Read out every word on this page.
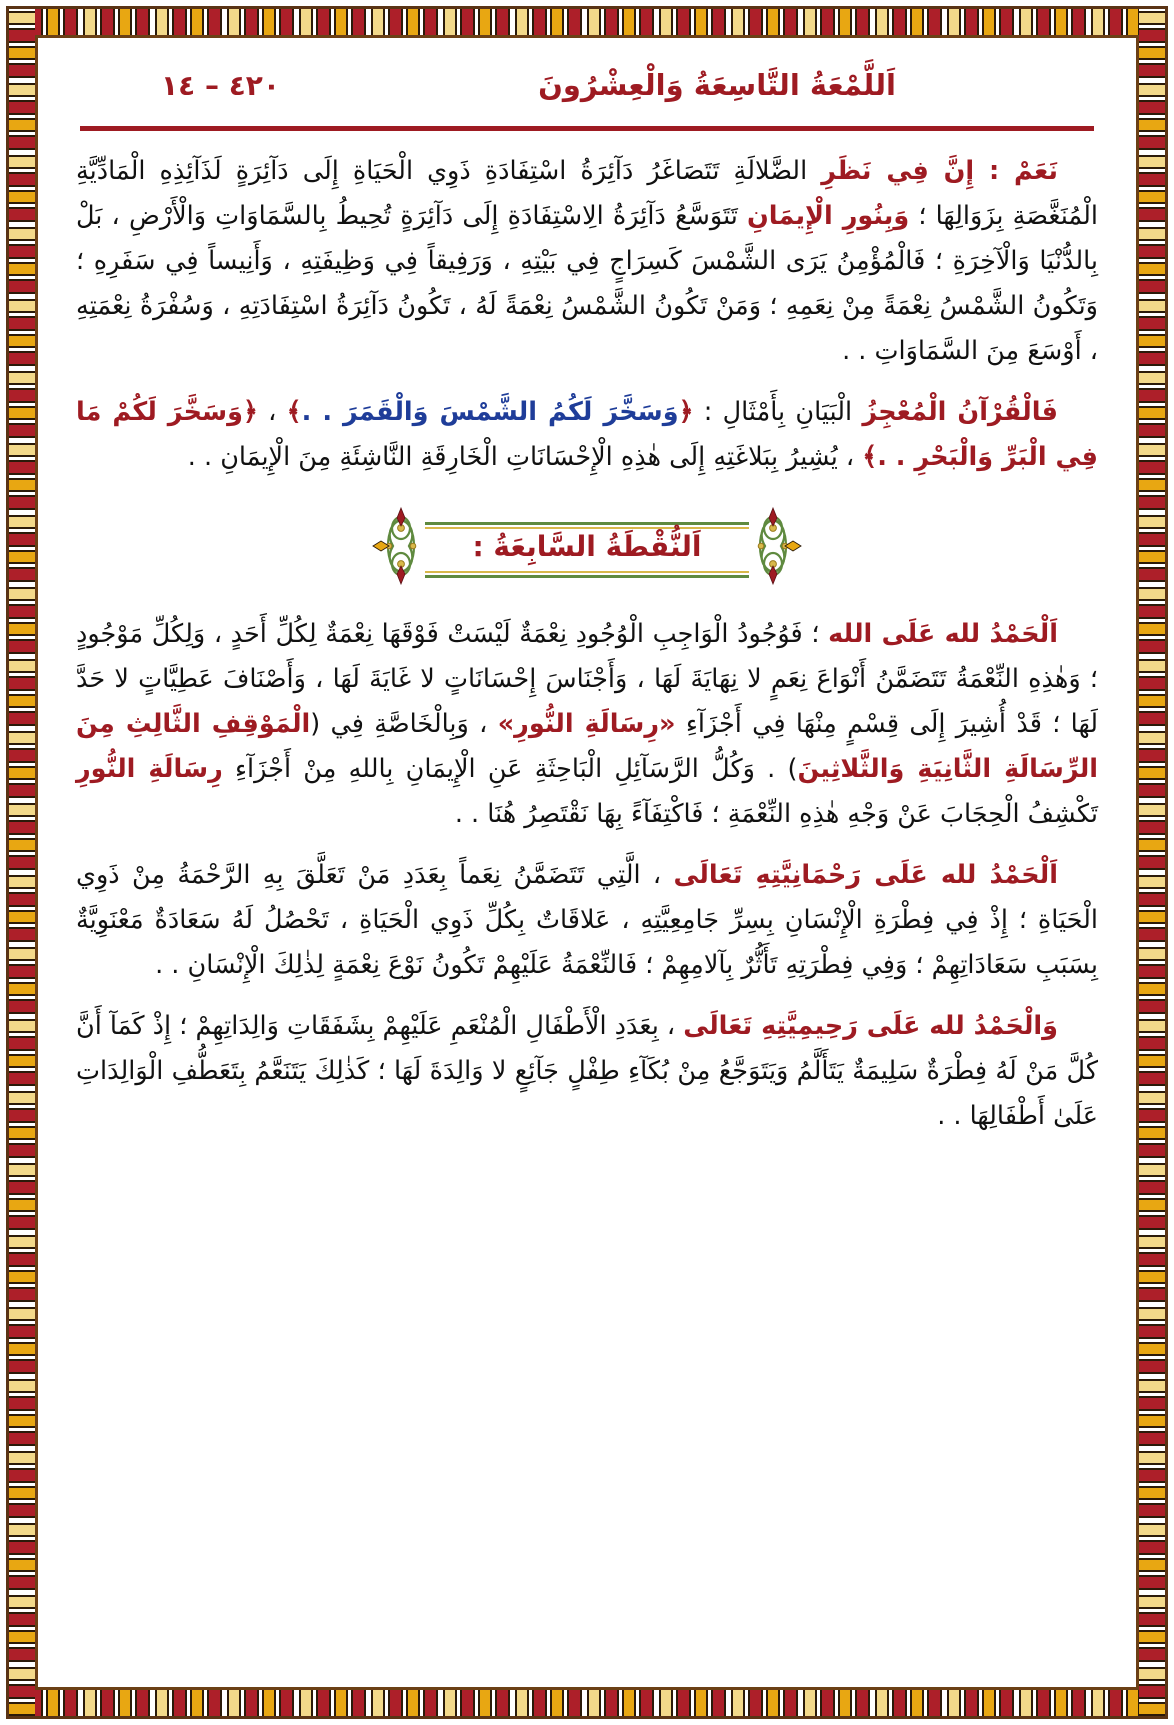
٤٢٠ – ١٤	اَللَّمْعَةُ التَّاسِعَةُ وَالْعِشْرُونَ

نَعَمْ : إِنَّ فِي نَظَرِ الضَّلالَةِ تَتَصَاغَرُ دَآئِرَةُ اسْتِفَادَةِ ذَوِي الْحَيَاةِ إِلَى دَآئِرَةٍ لَذَآئِذِهِ الْمَادِّيَّةِ الْمُنَغَّصَةِ بِزَوَالِهَا ؛ وَبِنُورِ الْإِيمَانِ تَتَوَسَّعُ دَآئِرَةُ الِاسْتِفَادَةِ إِلَى دَآئِرَةٍ تُحِيطُ بِالسَّمَاوَاتِ وَالْأَرْضِ ، بَلْ بِالدُّنْيَا وَالْآخِرَةِ ؛ فَالْمُؤْمِنُ يَرَى الشَّمْسَ كَسِرَاجٍ فِي بَيْتِهِ ، وَرَفِيقاً فِي وَظِيفَتِهِ ، وَأَنِيساً فِي سَفَرِهِ ؛ وَتَكُونُ الشَّمْسُ نِعْمَةً مِنْ نِعَمِهِ ؛ وَمَنْ تَكُونُ الشَّمْسُ نِعْمَةً لَهُ ، تَكُونُ دَآئِرَةُ اسْتِفَادَتِهِ ، وَسُفْرَةُ نِعْمَتِهِ ، أَوْسَعَ مِنَ السَّمَاوَاتِ . .

فَالْقُرْآنُ الْمُعْجِزُ الْبَيَانِ بِأَمْثَالِ : ﴿وَسَخَّرَ لَكُمُ الشَّمْسَ وَالْقَمَرَ . .﴾ ، ﴿وَسَخَّرَ لَكُمْ مَا فِي الْبَرِّ وَالْبَحْرِ . .﴾ ، يُشِيرُ بِبَلاغَتِهِ إِلَى هٰذِهِ الْإِحْسَانَاتِ الْخَارِقَةِ النَّاشِئَةِ مِنَ الْإِيمَانِ . .

اَلنُّقْطَةُ السَّابِعَةُ :

اَلْحَمْدُ لله عَلَى الله ؛ فَوُجُودُ الْوَاجِبِ الْوُجُودِ نِعْمَةٌ لَيْسَتْ فَوْقَهَا نِعْمَةٌ لِكُلِّ أَحَدٍ ، وَلِكُلِّ مَوْجُودٍ ؛ وَهٰذِهِ النِّعْمَةُ تَتَضَمَّنُ أَنْوَاعَ نِعَمٍ لا نِهَايَةَ لَهَا ، وَأَجْنَاسَ إِحْسَانَاتٍ لا غَايَةَ لَهَا ، وَأَصْنَافَ عَطِيَّاتٍ لا حَدَّ لَهَا ؛ قَدْ أُشِيرَ إِلَى قِسْمٍ مِنْهَا فِي أَجْزَآءِ «رِسَالَةِ النُّورِ» ، وَبِالْخَاصَّةِ فِي (الْمَوْقِفِ الثَّالِثِ مِنَ الرِّسَالَةِ الثَّانِيَةِ وَالثَّلاثِينَ) . وَكُلُّ الرَّسَآئِلِ الْبَاحِثَةِ عَنِ الْإِيمَانِ بِاللهِ مِنْ أَجْزَآءِ رِسَالَةِ النُّورِ تَكْشِفُ الْحِجَابَ عَنْ وَجْهِ هٰذِهِ النِّعْمَةِ ؛ فَاكْتِفَآءً بِهَا نَقْتَصِرُ هُنَا . .

اَلْحَمْدُ لله عَلَى رَحْمَانِيَّتِهِ تَعَالَى ، الَّتِي تَتَضَمَّنُ نِعَماً بِعَدَدِ مَنْ تَعَلَّقَ بِهِ الرَّحْمَةُ مِنْ ذَوِي الْحَيَاةِ ؛ إِذْ فِي فِطْرَةِ الْإِنْسَانِ بِسِرِّ جَامِعِيَّتِهِ ، عَلاقَاتٌ بِكُلِّ ذَوِي الْحَيَاةِ ، تَحْصُلُ لَهُ سَعَادَةٌ مَعْنَوِيَّةٌ بِسَبَبِ سَعَادَاتِهِمْ ؛ وَفِي فِطْرَتِهِ تَأَثُّرٌ بِآلامِهِمْ ؛ فَالنِّعْمَةُ عَلَيْهِمْ تَكُونُ نَوْعَ نِعْمَةٍ لِذٰلِكَ الْإِنْسَانِ . .

وَالْحَمْدُ لله عَلَى رَحِيمِيَّتِهِ تَعَالَى ، بِعَدَدِ الْأَطْفَالِ الْمُنْعَمِ عَلَيْهِمْ بِشَفَقَاتِ وَالِدَاتِهِمْ ؛ إِذْ كَمَآ أَنَّ كُلَّ مَنْ لَهُ فِطْرَةٌ سَلِيمَةٌ يَتَأَلَّمُ وَيَتَوَجَّعُ مِنْ بُكَآءِ طِفْلٍ جَآئِعٍ لا وَالِدَةَ لَهَا ؛ كَذٰلِكَ يَتَنَعَّمُ بِتَعَطُّفِ الْوَالِدَاتِ عَلَىٰ أَطْفَالِهَا . .
